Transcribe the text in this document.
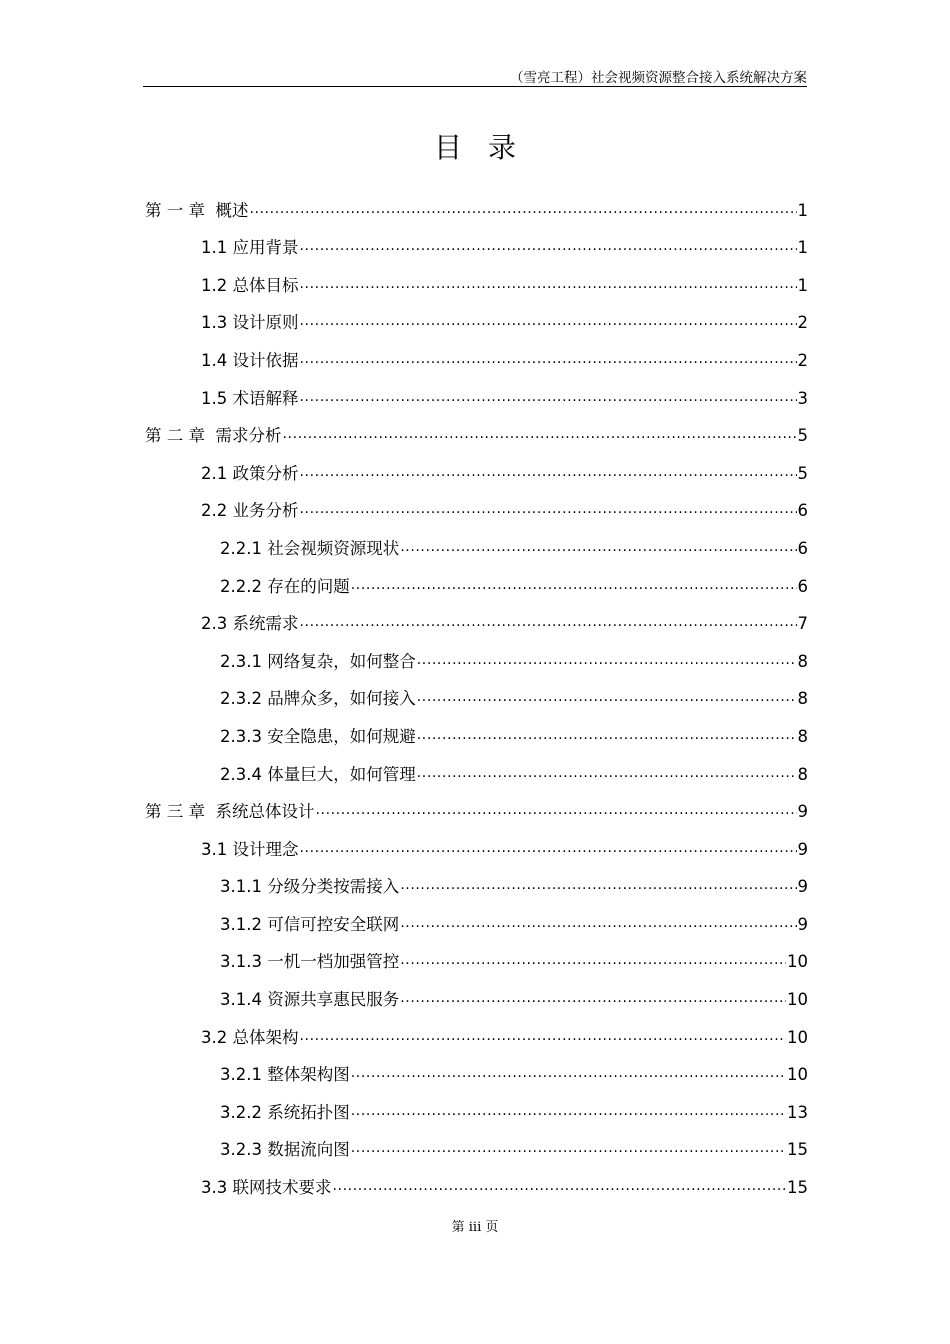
（雪亮工程）社会视频资源整合接入系统解决方案
目录
第 一 章  概述 .....	1
1.1 应用背景 .....	1
1.2 总体目标 .....	1
1.3 设计原则 .....	2
1.4 设计依据 .....	2
1.5 术语解释 .....	3
第 二 章  需求分析 .....	5
2.1 政策分析 .....	5
2.2 业务分析 .....	6
2.2.1 社会视频资源现状 .....	6
2.2.2 存在的问题 .....	6
2.3 系统需求 .....	7
2.3.1 网络复杂，如何整合 .....	8
2.3.2 品牌众多，如何接入 .....	8
2.3.3 安全隐患，如何规避 .....	8
2.3.4 体量巨大，如何管理 .....	8
第 三 章  系统总体设计 .....	9
3.1 设计理念 .....	9
3.1.1 分级分类按需接入 .....	9
3.1.2 可信可控安全联网 .....	9
3.1.3 一机一档加强管控 .....	10
3.1.4 资源共享惠民服务 .....	10
3.2 总体架构 .....	10
3.2.1 整体架构图 .....	10
3.2.2 系统拓扑图 .....	13
3.2.3 数据流向图 .....	15
3.3 联网技术要求 .....	15
第 iii 页
